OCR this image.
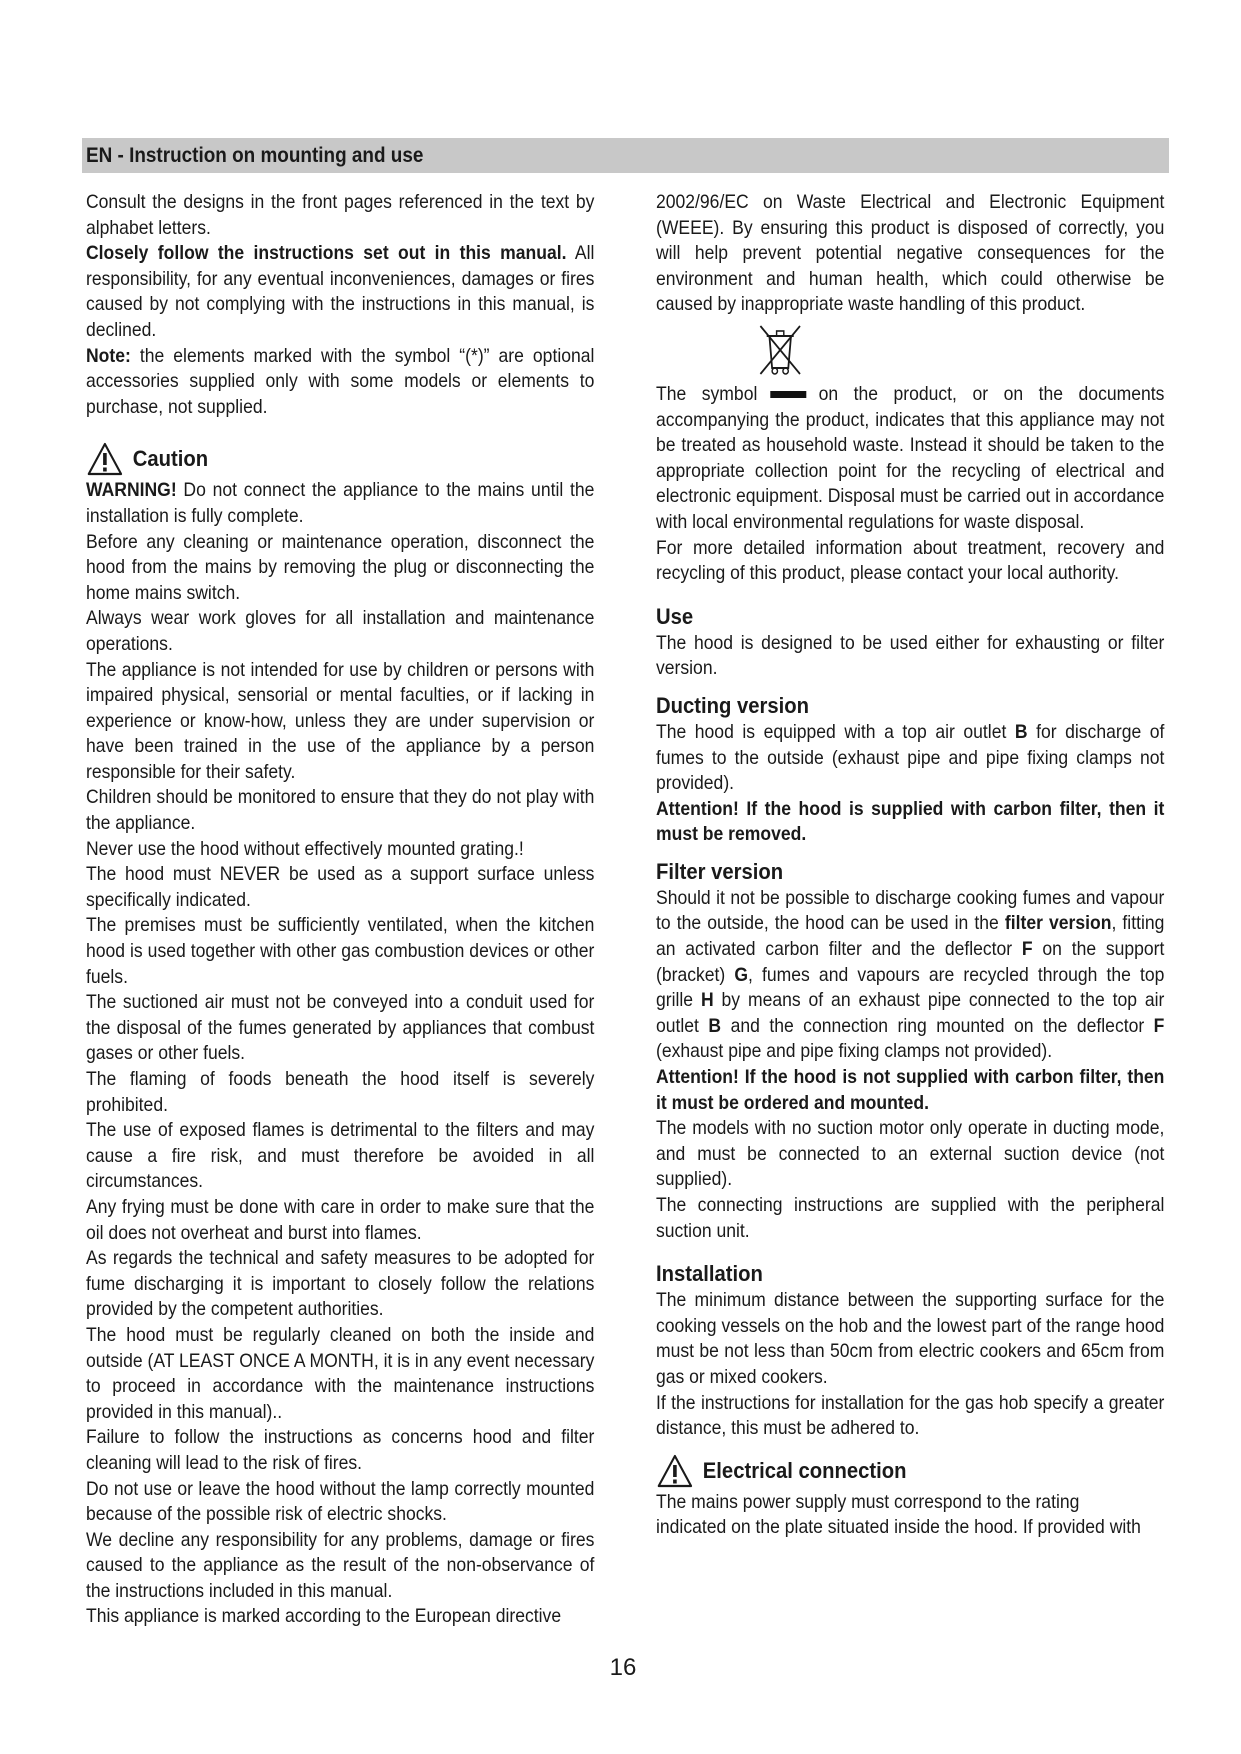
EN - Instruction on mounting and use

Consult the designs in the front pages referenced in the text by alphabet letters.

Closely follow the instructions set out in this manual. All responsibility, for any eventual inconveniences, damages or fires caused by not complying with the instructions in this manual, is declined.

Note: the elements marked with the symbol “(*)” are optional accessories supplied only with some models or elements to purchase, not supplied.

Caution

WARNING! Do not connect the appliance to the mains until the installation is fully complete.

Before any cleaning or maintenance operation, disconnect the hood from the mains by removing the plug or disconnecting the home mains switch.

Always wear work gloves for all installation and maintenance operations.

The appliance is not intended for use by children or persons with impaired physical, sensorial or mental faculties, or if lacking in experience or know-how, unless they are under supervision or have been trained in the use of the appliance by a person responsible for their safety.

Children should be monitored to ensure that they do not play with the appliance.

Never use the hood without effectively mounted grating.!

The hood must NEVER be used as a support surface unless specifically indicated.

The premises must be sufficiently ventilated, when the kitchen hood is used together with other gas combustion devices or other fuels.

The suctioned air must not be conveyed into a conduit used for the disposal of the fumes generated by appliances that combust gases or other fuels.

The flaming of foods beneath the hood itself is severely prohibited.

The use of exposed flames is detrimental to the filters and may cause a fire risk, and must therefore be avoided in all circumstances.

Any frying must be done with care in order to make sure that the oil does not overheat and burst into flames.

As regards the technical and safety measures to be adopted for fume discharging it is important to closely follow the relations provided by the competent authorities.

The hood must be regularly cleaned on both the inside and outside (AT LEAST ONCE A MONTH, it is in any event necessary to proceed in accordance with the maintenance instructions provided in this manual)..

Failure to follow the instructions as concerns hood and filter cleaning will lead to the risk of fires.

Do not use or leave the hood without the lamp correctly mounted because of the possible risk of electric shocks.

We decline any responsibility for any problems, damage or fires caused to the appliance as the result of the non-observance of the instructions included in this manual.

This appliance is marked according to the European directive

2002/96/EC on Waste Electrical and Electronic Equipment (WEEE). By ensuring this product is disposed of correctly, you will help prevent potential negative consequences for the environment and human health, which could otherwise be caused by inappropriate waste handling of this product.

The symbol	on the product, or on the documents accompanying the product, indicates that this appliance may not be treated as household waste. Instead it should be taken to the appropriate collection point for the recycling of electrical and electronic equipment. Disposal must be carried out in accordance with local environmental regulations for waste disposal.

For more detailed information about treatment, recovery and recycling of this product, please contact your local authority.

Use

The hood is designed to be used either for exhausting or filter version.

Ducting version

The hood is equipped with a top air outlet B for discharge of fumes to the outside (exhaust pipe and pipe fixing clamps not provided).

Attention! If the hood is supplied with carbon filter, then it must be removed.

Filter version

Should it not be possible to discharge cooking fumes and vapour to the outside, the hood can be used in the filter version, fitting an activated carbon filter and the deflector F on the support (bracket) G, fumes and vapours are recycled through the top grille H by means of an exhaust pipe connected to the top air outlet B and the connection ring mounted on the deflector F (exhaust pipe and pipe fixing clamps not provided).

Attention! If the hood is not supplied with carbon filter, then it must be ordered and mounted.

The models with no suction motor only operate in ducting mode, and must be connected to an external suction device (not supplied).

The connecting instructions are supplied with the peripheral suction unit.

Installation

The minimum distance between the supporting surface for the cooking vessels on the hob and the lowest part of the range hood must be not less than 50cm from electric cookers and 65cm from gas or mixed cookers.

If the instructions for installation for the gas hob specify a greater distance, this must be adhered to.

Electrical connection

The mains power supply must correspond to the rating

indicated on the plate situated inside the hood. If provided with

16
